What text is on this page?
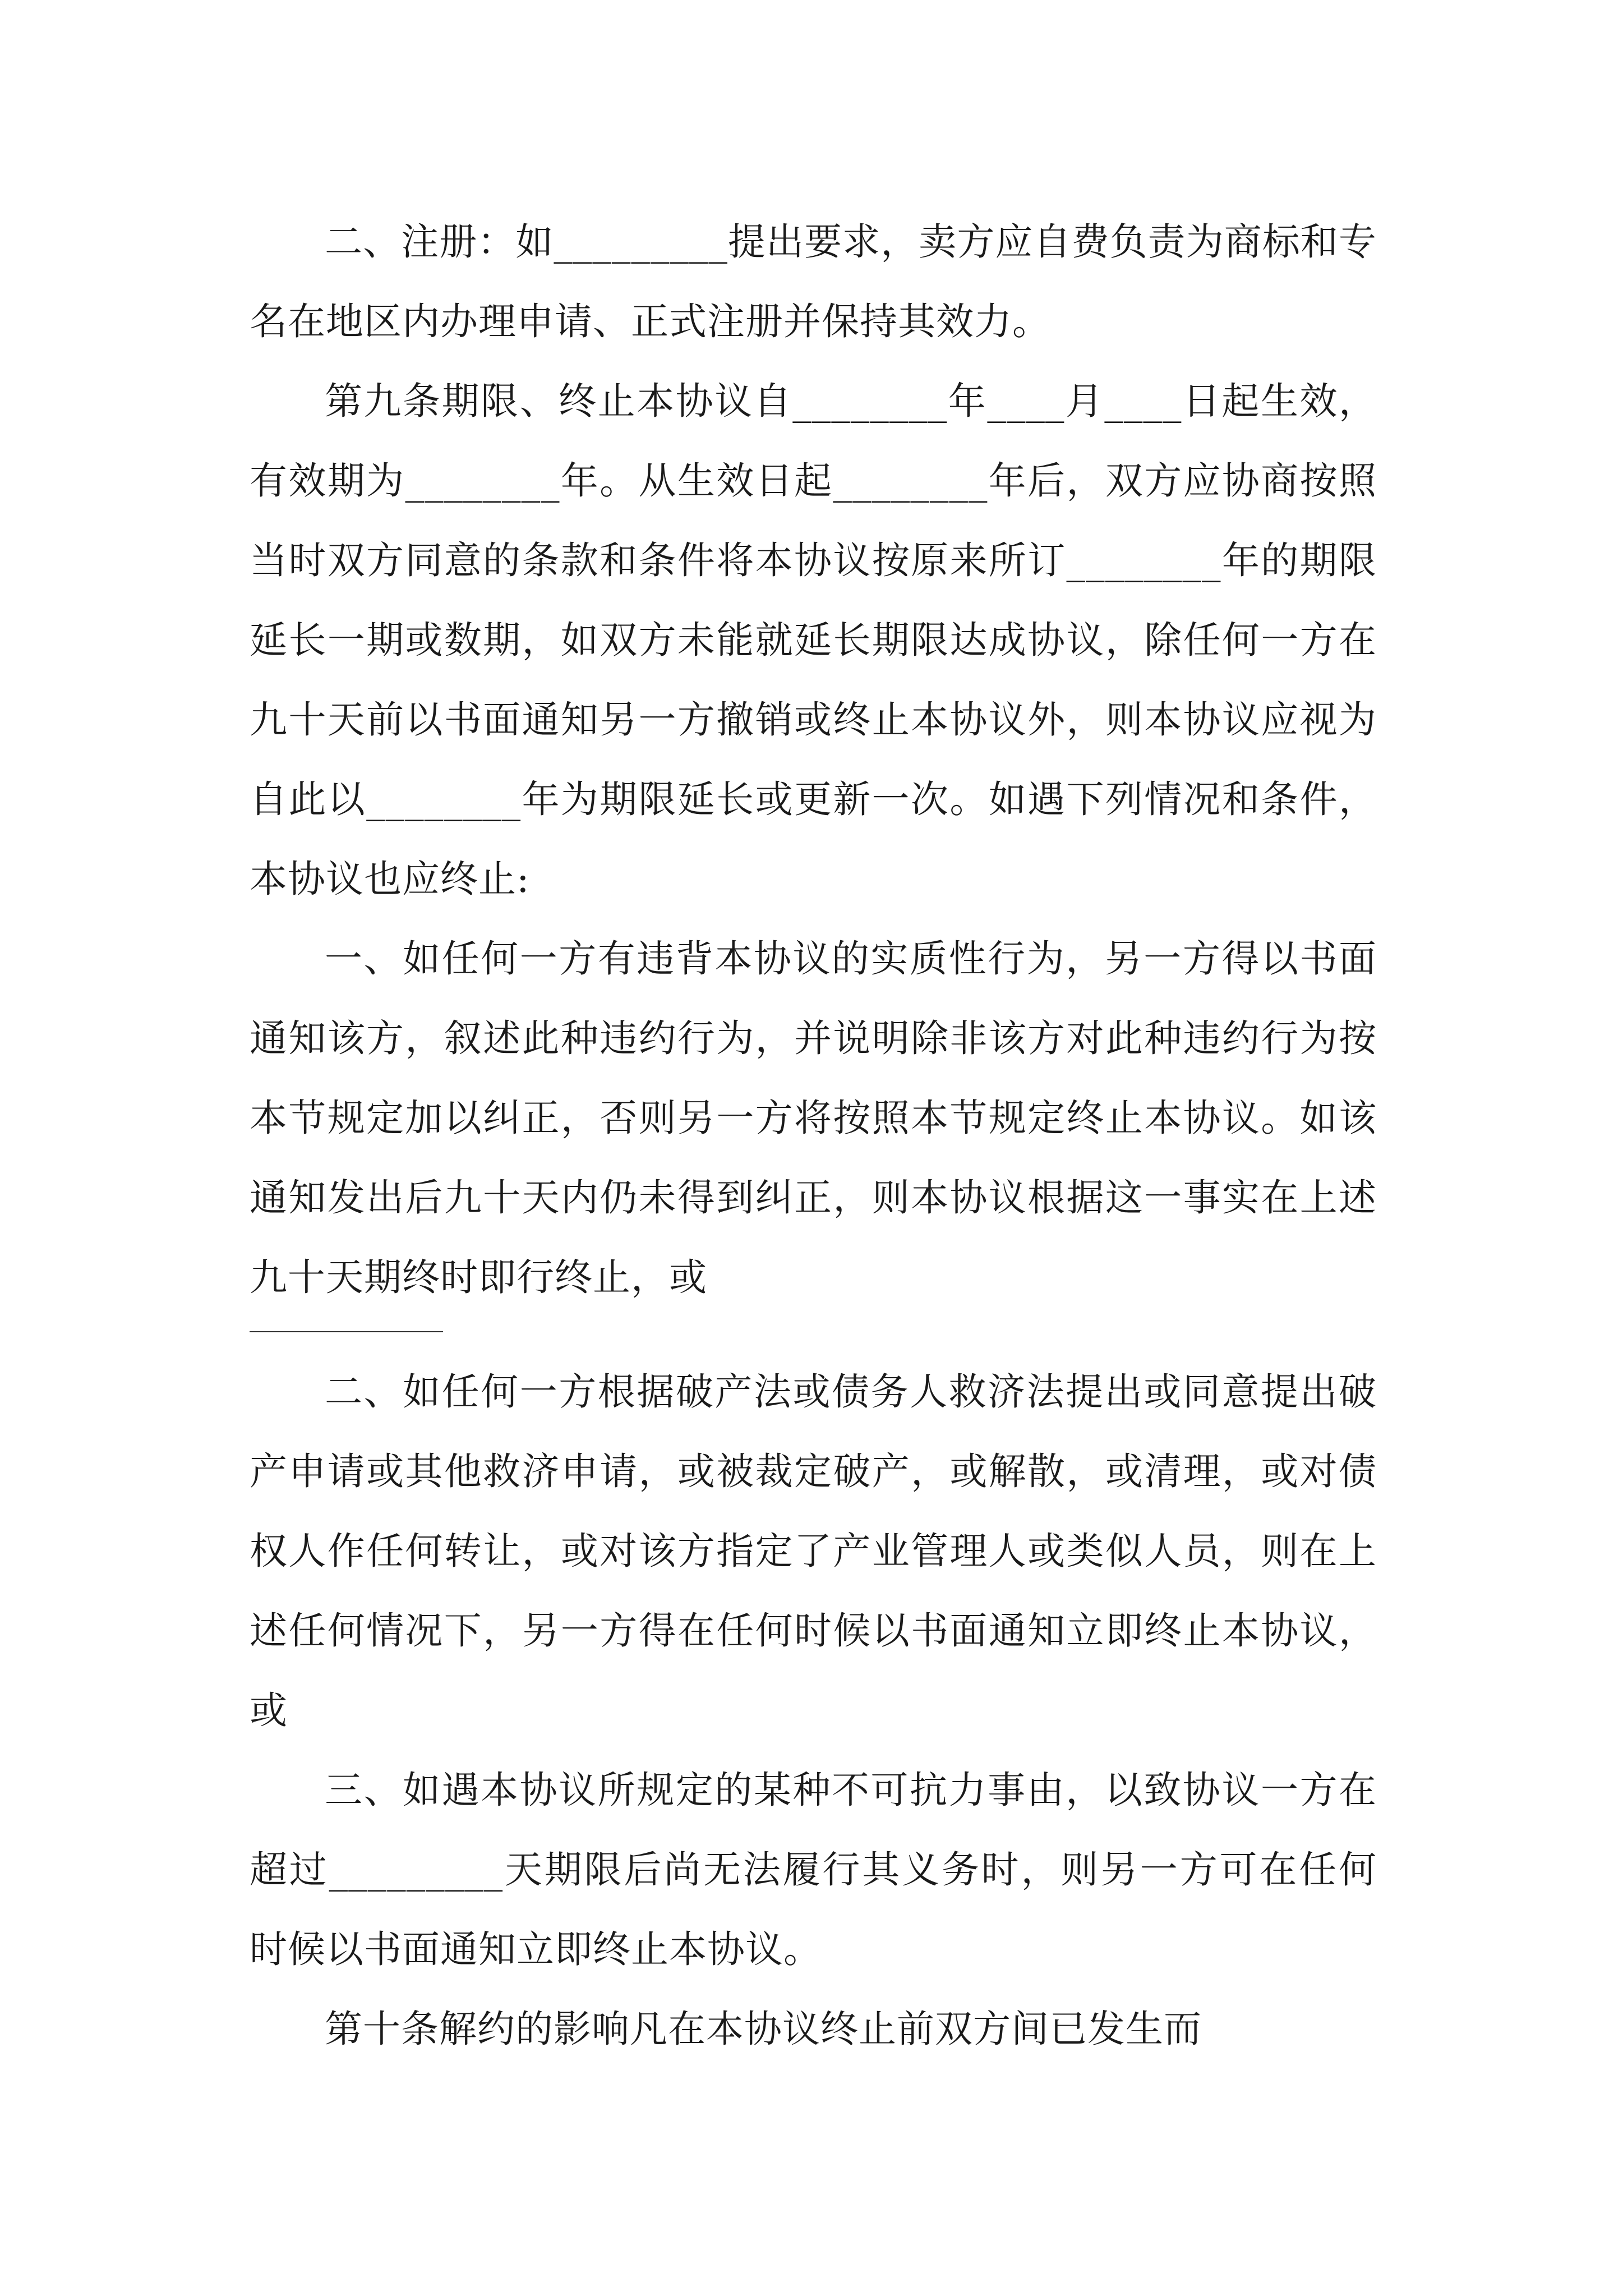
二、注册：如_________提出要求，卖方应自费负责为商标和专名在地区内办理申请、正式注册并保持其效力。

第九条期限、终止本协议自________年____月____日起生效，有效期为________年。从生效日起________年后，双方应协商按照当时双方同意的条款和条件将本协议按原来所订________年的期限延长一期或数期，如双方未能就延长期限达成协议，除任何一方在九十天前以书面通知另一方撤销或终止本协议外，则本协议应视为自此以________年为期限延长或更新一次。如遇下列情况和条件，本协议也应终止:

一、如任何一方有违背本协议的实质性行为，另一方得以书面通知该方，叙述此种违约行为，并说明除非该方对此种违约行为按本节规定加以纠正，否则另一方将按照本节规定终止本协议。如该通知发出后九十天内仍未得到纠正，则本协议根据这一事实在上述九十天期终时即行终止，或

二、如任何一方根据破产法或债务人救济法提出或同意提出破产申请或其他救济申请，或被裁定破产，或解散，或清理，或对债权人作任何转让，或对该方指定了产业管理人或类似人员，则在上述任何情况下，另一方得在任何时候以书面通知立即终止本协议，或

三、如遇本协议所规定的某种不可抗力事由，以致协议一方在超过_________天期限后尚无法履行其义务时，则另一方可在任何时候以书面通知立即终止本协议。

第十条解约的影响凡在本协议终止前双方间已发生而
